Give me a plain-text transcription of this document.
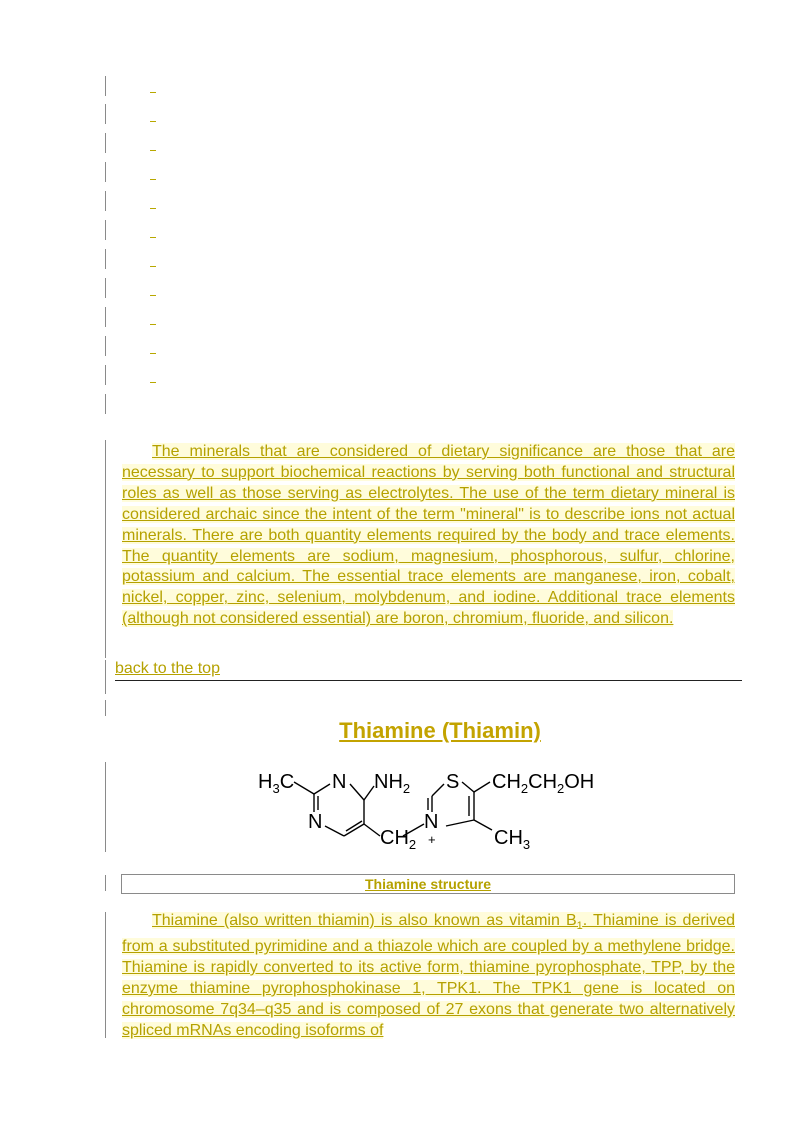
The minerals that are considered of dietary significance are those that are necessary to support biochemical reactions by serving both functional and structural roles as well as those serving as electrolytes. The use of the term dietary mineral is considered archaic since the intent of the term "mineral" is to describe ions not actual minerals. There are both quantity elements required by the body and trace elements. The quantity elements are sodium, magnesium, phosphorous, sulfur, chlorine, potassium and calcium. The essential trace elements are manganese, iron, cobalt, nickel, copper, zinc, selenium, molybdenum, and iodine. Additional trace elements (although not considered essential) are boron, chromium, fluoride, and silicon.

back to the top
Thiamine (Thiamin)
$H_3C$ N $NH_2$ S $CH_2CH_2OH$
N
$CH_2$
N
+	$CH_3$
Thiamine structure

Thiamine (also written thiamin) is also known as vitamin $B_1$. Thiamine is derived from a substituted pyrimidine and a thiazole which are coupled by a methylene bridge. Thiamine is rapidly converted to its active form, thiamine pyrophosphate, TPP, by the enzyme thiamine pyrophosphokinase 1, TPK1. The TPK1 gene is located on chromosome 7q34–q35 and is composed of 27 exons that generate two alternatively spliced mRNAs encoding isoforms of
